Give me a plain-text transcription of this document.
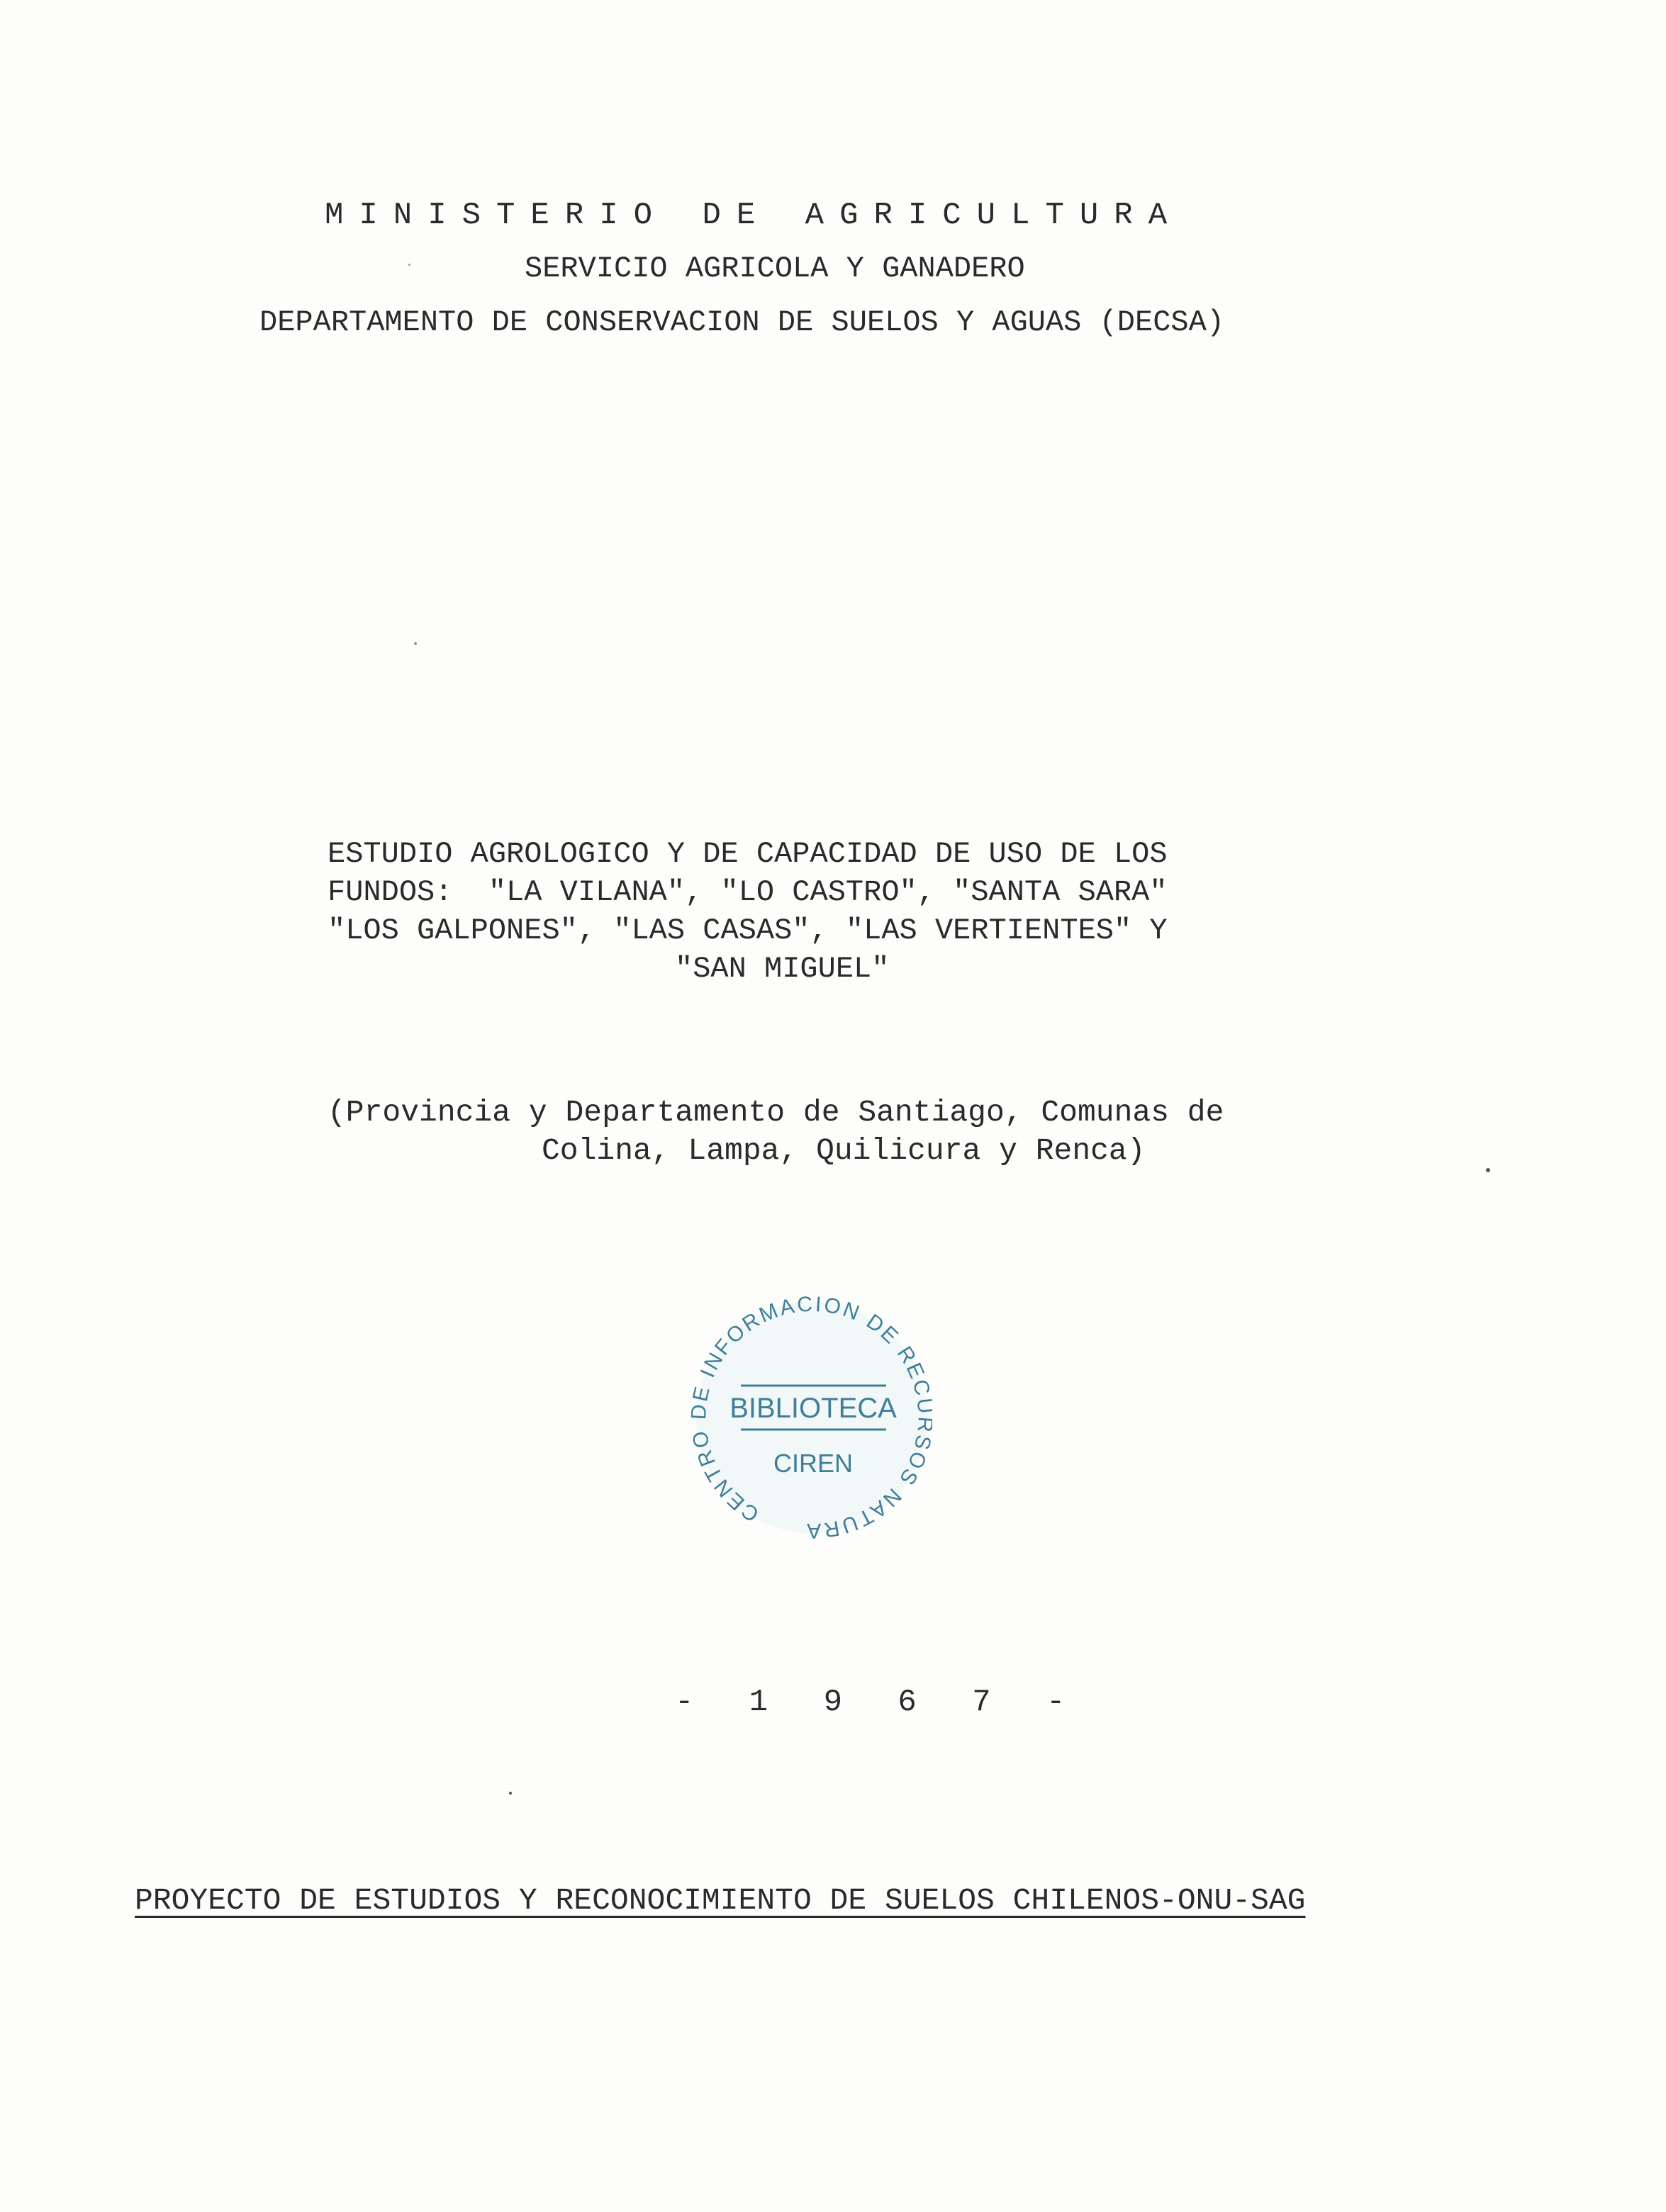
MINISTERIO DE AGRICULTURA
SERVICIO AGRICOLA Y GANADERO
DEPARTAMENTO DE CONSERVACION DE SUELOS Y AGUAS (DECSA)
ESTUDIO AGROLOGICO Y DE CAPACIDAD DE USO DE LOS
FUNDOS:  "LA VILANA", "LO CASTRO", "SANTA SARA"
"LOS GALPONES", "LAS CASAS", "LAS VERTIENTES" Y
"SAN MIGUEL"
(Provincia y Departamento de Santiago, Comunas de
Colina, Lampa, Quilicura y Renca)
CENTR INFORMACION DE REC OS NATURA
BIBLIOTECA
CIREN
- 1 9 6 7 -
PROYECTO DE ESTUDIOS Y RECONOCIMIENTO DE SUELOS CHILENOS-ONU-SAG
